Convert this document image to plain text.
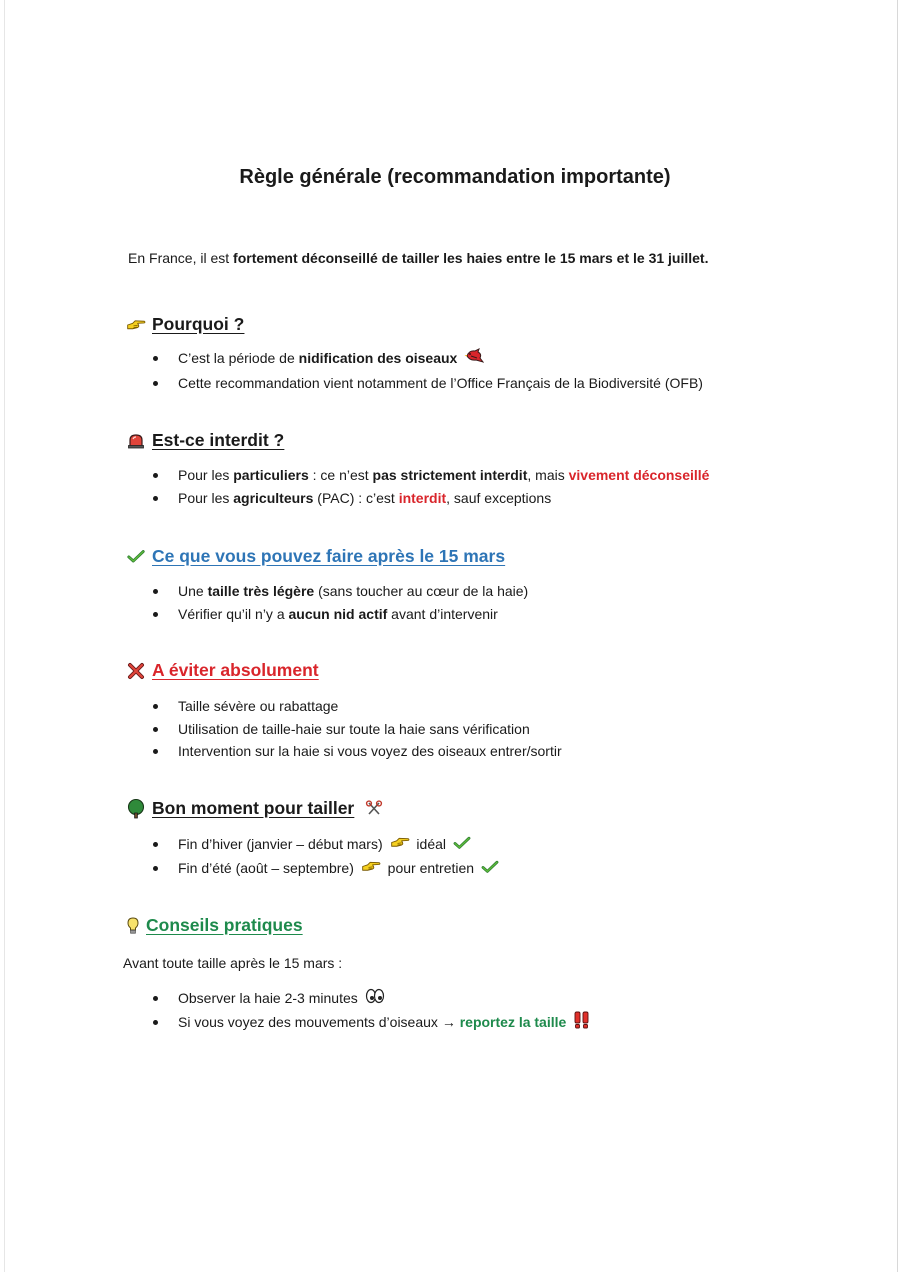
Règle générale (recommandation importante)
En France, il est fortement déconseillé de tailler les haies entre le 15 mars et le 31 juillet.
Pourquoi ?
C’est la période de nidification des oiseaux
Cette recommandation vient notamment de l’Office Français de la Biodiversité (OFB)
Est-ce interdit ?
Pour les particuliers : ce n’est pas strictement interdit, mais vivement déconseillé
Pour les agriculteurs (PAC) : c’est interdit, sauf exceptions
Ce que vous pouvez faire après le 15 mars
Une taille très légère (sans toucher au cœur de la haie)
Vérifier qu’il n’y a aucun nid actif avant d’intervenir
A éviter absolument
Taille sévère ou rabattage
Utilisation de taille-haie sur toute la haie sans vérification
Intervention sur la haie si vous voyez des oiseaux entrer/sortir
Bon moment pour tailler
Fin d’hiver (janvier – début mars) idéal
Fin d’été (août – septembre) pour entretien
Conseils pratiques
Avant toute taille après le 15 mars :
Observer la haie 2-3 minutes
Si vous voyez des mouvements d’oiseaux → reportez la taille
